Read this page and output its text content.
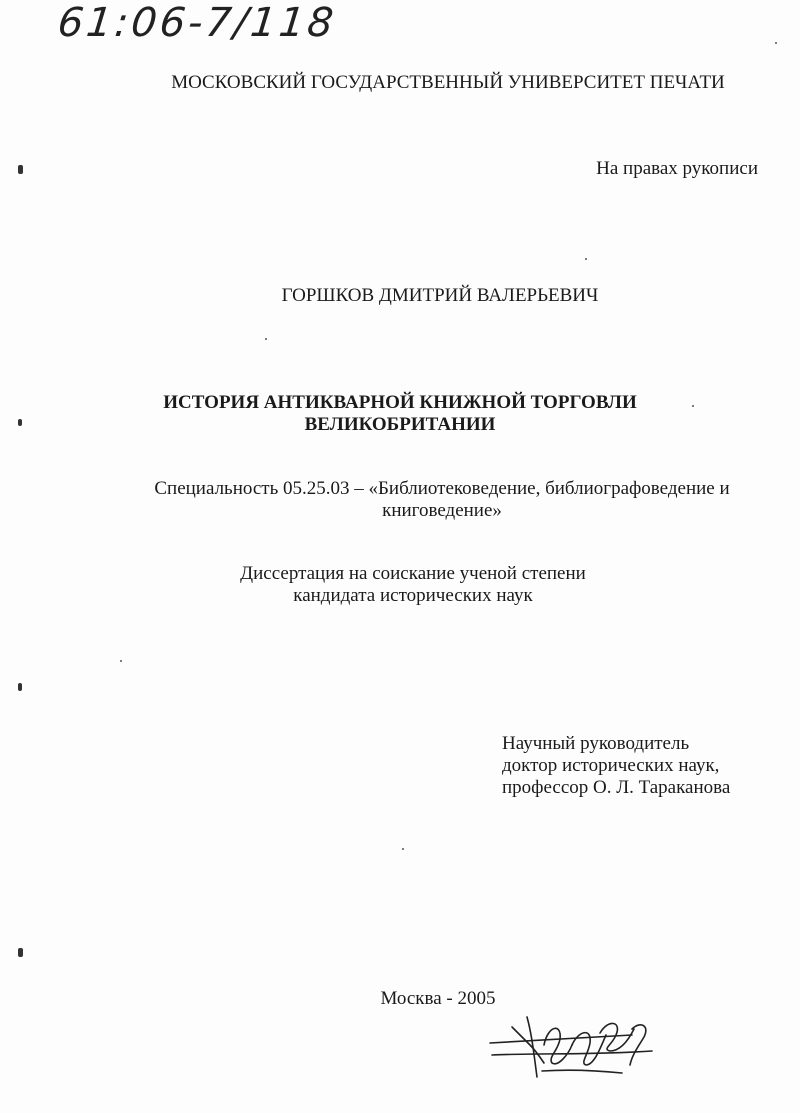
61:06-7/118
МОСКОВСКИЙ ГОСУДАРСТВЕННЫЙ УНИВЕРСИТЕТ ПЕЧАТИ
На правах рукописи
ГОРШКОВ ДМИТРИЙ ВАЛЕРЬЕВИЧ
ИСТОРИЯ АНТИКВАРНОЙ КНИЖНОЙ ТОРГОВЛИ
ВЕЛИКОБРИТАНИИ
Специальность 05.25.03 – «Библиотековедение, библиографоведение и
книговедение»
Диссертация на соискание ученой степени
кандидата исторических наук
Научный руководитель
доктор исторических наук,
профессор О. Л. Тараканова
Москва - 2005
